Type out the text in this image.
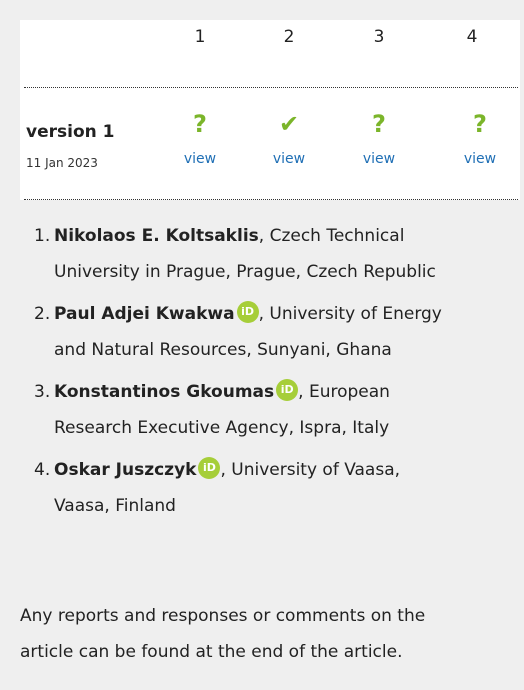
1	2	3	4
version 1
11 Jan 2023
?	✔	?	?
view	view	view	view
1. Nikolaos E. Koltsaklis, Czech Technical
University in Prague, Prague, Czech Republic
2. Paul Adjei Kwakwa iD , University of Energy
and Natural Resources, Sunyani, Ghana
3. Konstantinos Gkoumas iD , European
Research Executive Agency, Ispra, Italy
4. Oskar Juszczyk iD , University of Vaasa,
Vaasa, Finland
Any reports and responses or comments on the
article can be found at the end of the article.
